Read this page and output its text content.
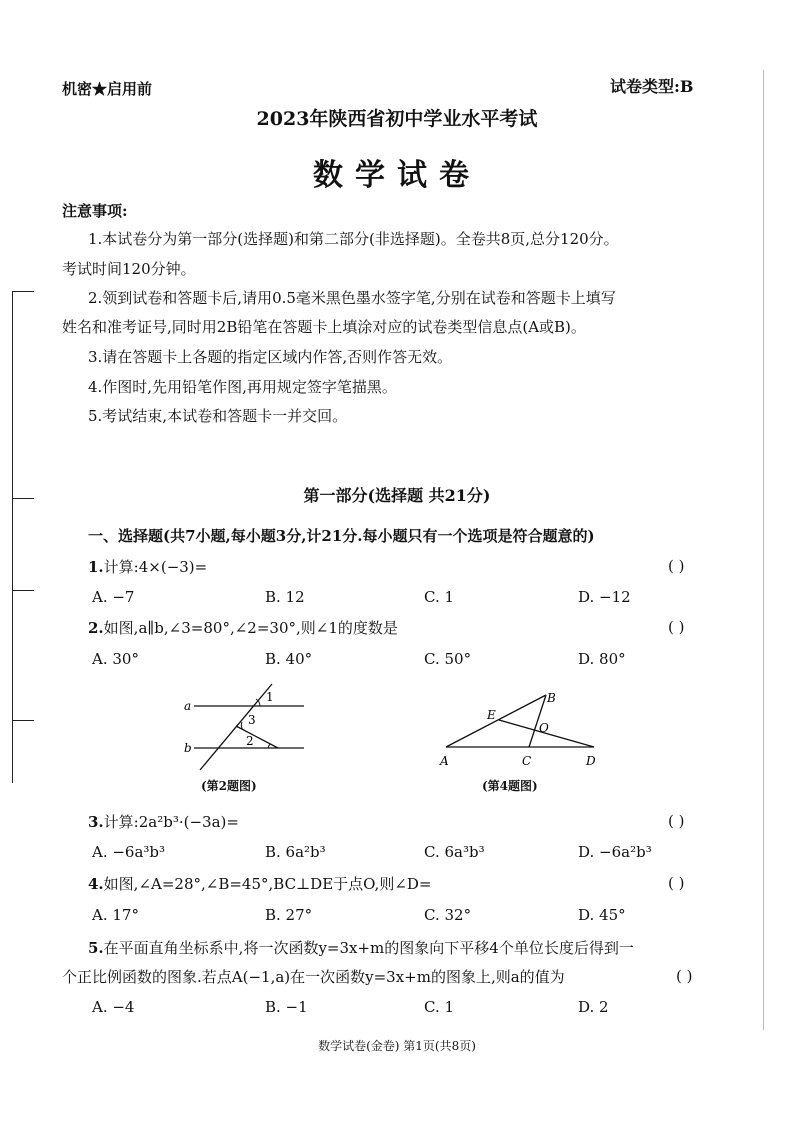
机密★启用前	试卷类型:B
2023年陕西省初中学业水平考试
数学试卷
注意事项:
1.本试卷分为第一部分(选择题)和第二部分(非选择题)。全卷共8页,总分120分。
考试时间120分钟。
2.领到试卷和答题卡后,请用0.5毫米黑色墨水签字笔,分别在试卷和答题卡上填写
姓名和准考证号,同时用2B铅笔在答题卡上填涂对应的试卷类型信息点(A或B)。
3.请在答题卡上各题的指定区域内作答,否则作答无效。
4.作图时,先用铅笔作图,再用规定签字笔描黑。
5.考试结束,本试卷和答题卡一并交回。
第一部分(选择题 共21分)
一、选择题(共7小题,每小题3分,计21分.每小题只有一个选项是符合题意的)
1.计算:4×(−3)=	( )
A. −7	B. 12	C. 1	D. −12
2.如图,a∥b,∠3=80°,∠2=30°,则∠1的度数是	( )
A. 30°	B. 40°	C. 50°	D. 80°
a
b
1
3
2
(第2题图)
A
B
C	D
E
O
(第4题图)
3.计算:2a²b³·(−3a)=	( )
A. −6a³b³	B. 6a²b³	C. 6a³b³	D. −6a²b³
4.如图,∠A=28°,∠B=45°,BC⊥DE于点O,则∠D=	( )
A. 17°	B. 27°	C. 32°	D. 45°
5.在平面直角坐标系中,将一次函数y=3x+m的图象向下平移4个单位长度后得到一
个正比例函数的图象.若点A(−1,a)在一次函数y=3x+m的图象上,则a的值为	( )
A. −4	B. −1	C. 1	D. 2
数学试卷(金卷) 第1页(共8页)
